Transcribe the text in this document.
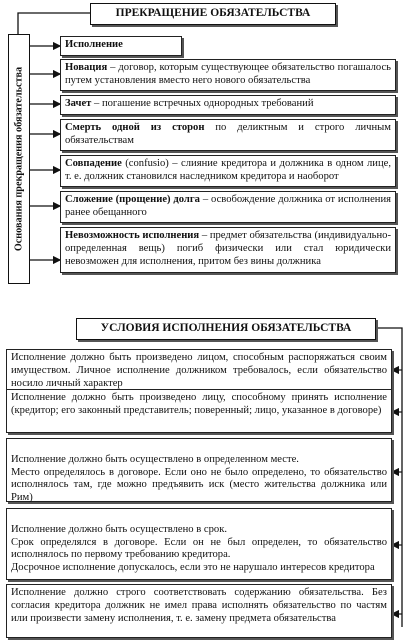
ПРЕКРАЩЕНИЕ ОБЯЗАТЕЛЬСТВА
Основания прекращения обязательства
Исполнение
Новация – договор, которым существующее обязательство погашалось путем установления вместо него нового обязательства
Зачет – погашение встречных однородных требований
Смерть одной из сторон по деликтным и строго личным обязательствам
Совпадение (confusio) – слияние кредитора и должника в одном лице, т. е. должник становился наследником кредитора и наоборот
Сложение (прощение) долга – освобождение должника от исполнения ранее обещанного
Невозможность исполнения – предмет обязательства (индивидуально-определенная вещь) погиб физически или стал юридически невозможен для исполнения, притом без вины должника
УСЛОВИЯ ИСПОЛНЕНИЯ ОБЯЗАТЕЛЬСТВА
Исполнение должно быть произведено лицом, способным распоряжаться своим имуществом. Личное исполнение должником требовалось, если обязательство носило личный характер
Исполнение должно быть произведено лицу, способному принять исполнение (кредитор; его законный представитель; поверенный; лицо, указанное в договоре)

Исполнение должно быть осуществлено в определенном месте.
Место определялось в договоре. Если оно не было определено, то обязательство исполнялось там, где можно предъявить иск (место жительства должника или Рим)

Исполнение должно быть осуществлено в срок.
Срок определялся в договоре. Если он не был определен, то обязательство исполнялось по первому требованию кредитора.
Досрочное исполнение допускалось, если это не нарушало интересов кредитора

Исполнение должно строго соответствовать содержанию обязательства. Без согласия кредитора должник не имел права исполнять обязательство по частям или произвести замену исполнения, т. е. замену предмета обязательства
